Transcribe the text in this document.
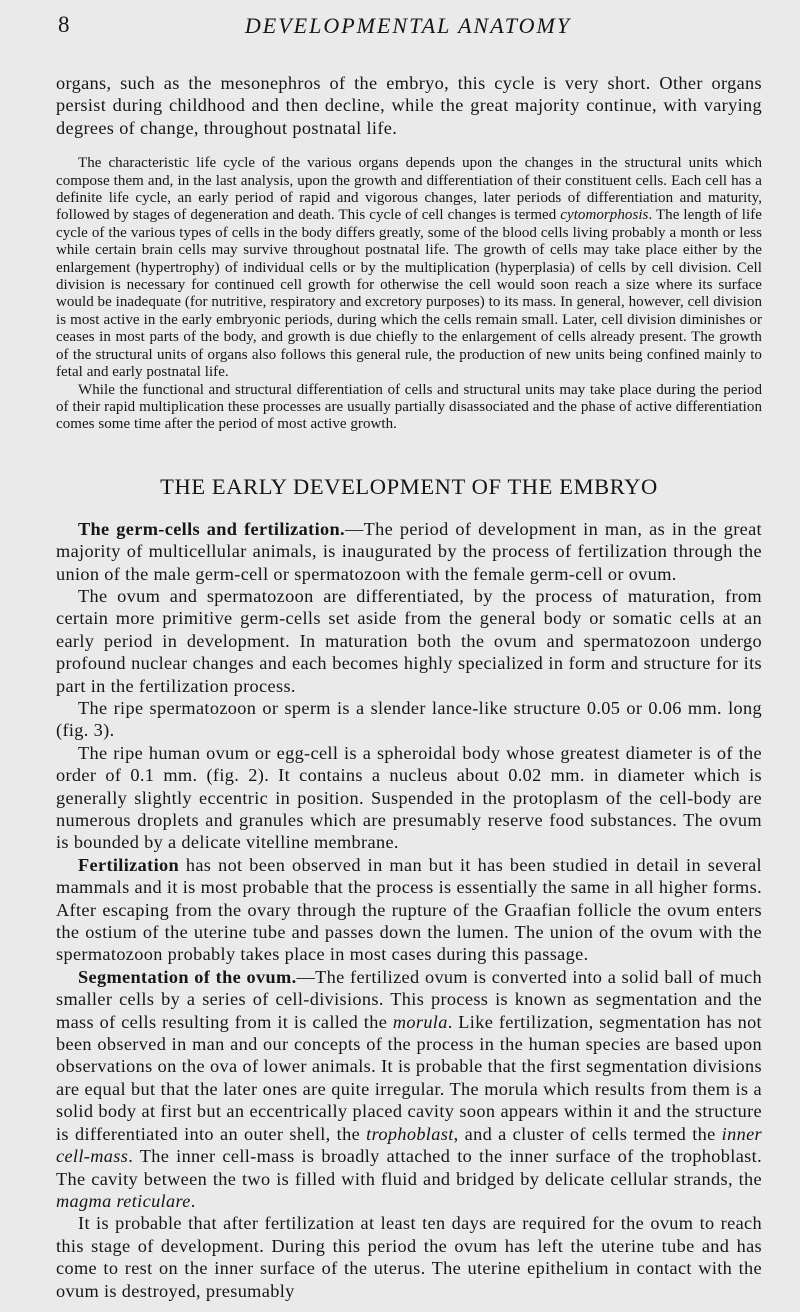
8	DEVELOPMENTAL ANATOMY

organs, such as the mesonephros of the embryo, this cycle is very short. Other organs persist during childhood and then decline, while the great majority continue, with varying degrees of change, throughout postnatal life.

The characteristic life cycle of the various organs depends upon the changes in the structural units which compose them and, in the last analysis, upon the growth and differentiation of their constituent cells. Each cell has a definite life cycle, an early period of rapid and vigorous changes, later periods of differentiation and maturity, followed by stages of degeneration and death. This cycle of cell changes is termed cytomorphosis. The length of life cycle of the various types of cells in the body differs greatly, some of the blood cells living probably a month or less while certain brain cells may survive throughout postnatal life. The growth of cells may take place either by the enlargement (hypertrophy) of individual cells or by the multiplication (hyperplasia) of cells by cell division. Cell division is necessary for continued cell growth for otherwise the cell would soon reach a size where its surface would be inadequate (for nutritive, respiratory and excretory purposes) to its mass. In general, however, cell division is most active in the early embryonic periods, during which the cells remain small. Later, cell division diminishes or ceases in most parts of the body, and growth is due chiefly to the enlargement of cells already present. The growth of the structural units of organs also follows this general rule, the production of new units being confined mainly to fetal and early postnatal life.

While the functional and structural differentiation of cells and structural units may take place during the period of their rapid multiplication these processes are usually partially disassociated and the phase of active differentiation comes some time after the period of most active growth.

THE EARLY DEVELOPMENT OF THE EMBRYO

The germ-cells and fertilization.—The period of development in man, as in the great majority of multicellular animals, is inaugurated by the process of fertilization through the union of the male germ-cell or spermatozoon with the female germ-cell or ovum.

The ovum and spermatozoon are differentiated, by the process of maturation, from certain more primitive germ-cells set aside from the general body or somatic cells at an early period in development. In maturation both the ovum and spermatozoon undergo profound nuclear changes and each becomes highly specialized in form and structure for its part in the fertilization process.

The ripe spermatozoon or sperm is a slender lance-like structure 0.05 or 0.06 mm. long (fig. 3).

The ripe human ovum or egg-cell is a spheroidal body whose greatest diameter is of the order of 0.1 mm. (fig. 2). It contains a nucleus about 0.02 mm. in diameter which is generally slightly eccentric in position. Suspended in the protoplasm of the cell-body are numerous droplets and granules which are presumably reserve food substances. The ovum is bounded by a delicate vitelline membrane.

Fertilization has not been observed in man but it has been studied in detail in several mammals and it is most probable that the process is essentially the same in all higher forms. After escaping from the ovary through the rupture of the Graafian follicle the ovum enters the ostium of the uterine tube and passes down the lumen. The union of the ovum with the spermatozoon probably takes place in most cases during this passage.

Segmentation of the ovum.—The fertilized ovum is converted into a solid ball of much smaller cells by a series of cell-divisions. This process is known as segmentation and the mass of cells resulting from it is called the morula. Like fertilization, segmentation has not been observed in man and our concepts of the process in the human species are based upon observations on the ova of lower animals. It is probable that the first segmentation divisions are equal but that the later ones are quite irregular. The morula which results from them is a solid body at first but an eccentrically placed cavity soon appears within it and the structure is differentiated into an outer shell, the trophoblast, and a cluster of cells termed the inner cell-mass. The inner cell-mass is broadly attached to the inner surface of the trophoblast. The cavity between the two is filled with fluid and bridged by delicate cellular strands, the magma reticulare.

It is probable that after fertilization at least ten days are required for the ovum to reach this stage of development. During this period the ovum has left the uterine tube and has come to rest on the inner surface of the uterus. The uterine epithelium in contact with the ovum is destroyed, presumably
